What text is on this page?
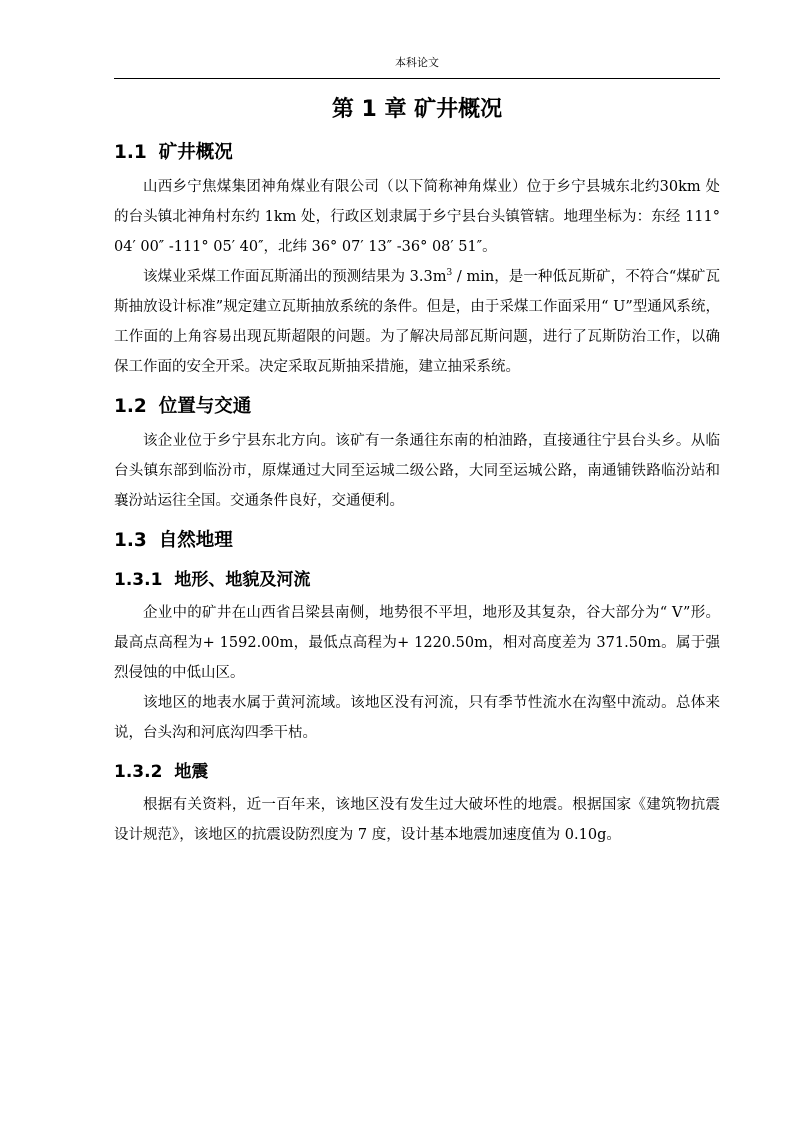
本科论文
第 1 章 矿井概况
1.1 矿井概况

山西乡宁焦煤集团神角煤业有限公司（以下简称神角煤业）位于乡宁县城东北约30km 处的台头镇北神角村东约 1km 处，行政区划隶属于乡宁县台头镇管辖。地理坐标为：东经 111° 04′ 00″ -111° 05′ 40″，北纬 36° 07′ 13″ -36° 08′ 51″。

该煤业采煤工作面瓦斯涌出的预测结果为 $3.3m^3$ / min，是一种低瓦斯矿，不符合“煤矿瓦斯抽放设计标准”规定建立瓦斯抽放系统的条件。但是，由于采煤工作面采用“ U”型通风系统，工作面的上角容易出现瓦斯超限的问题。为了解决局部瓦斯问题，进行了瓦斯防治工作，以确保工作面的安全开采。决定采取瓦斯抽采措施，建立抽采系统。

1.2 位置与交通

该企业位于乡宁县东北方向。该矿有一条通往东南的柏油路，直接通往宁县台头乡。从临台头镇东部到临汾市，原煤通过大同至运城二级公路，大同至运城公路，南通铺铁路临汾站和襄汾站运往全国。交通条件良好，交通便利。

1.3 自然地理
1.3.1 地形、地貌及河流

企业中的矿井在山西省吕梁县南侧，地势很不平坦，地形及其复杂，谷大部分为“ V”形。最高点高程为+ 1592.00m，最低点高程为+ 1220.50m，相对高度差为 371.50m。属于强烈侵蚀的中低山区。

该地区的地表水属于黄河流域。该地区没有河流，只有季节性流水在沟壑中流动。总体来说，台头沟和河底沟四季干枯。

1.3.2 地震

根据有关资料，近一百年来，该地区没有发生过大破坏性的地震。根据国家《建筑物抗震设计规范》，该地区的抗震设防烈度为 7 度，设计基本地震加速度值为 0.10g。
